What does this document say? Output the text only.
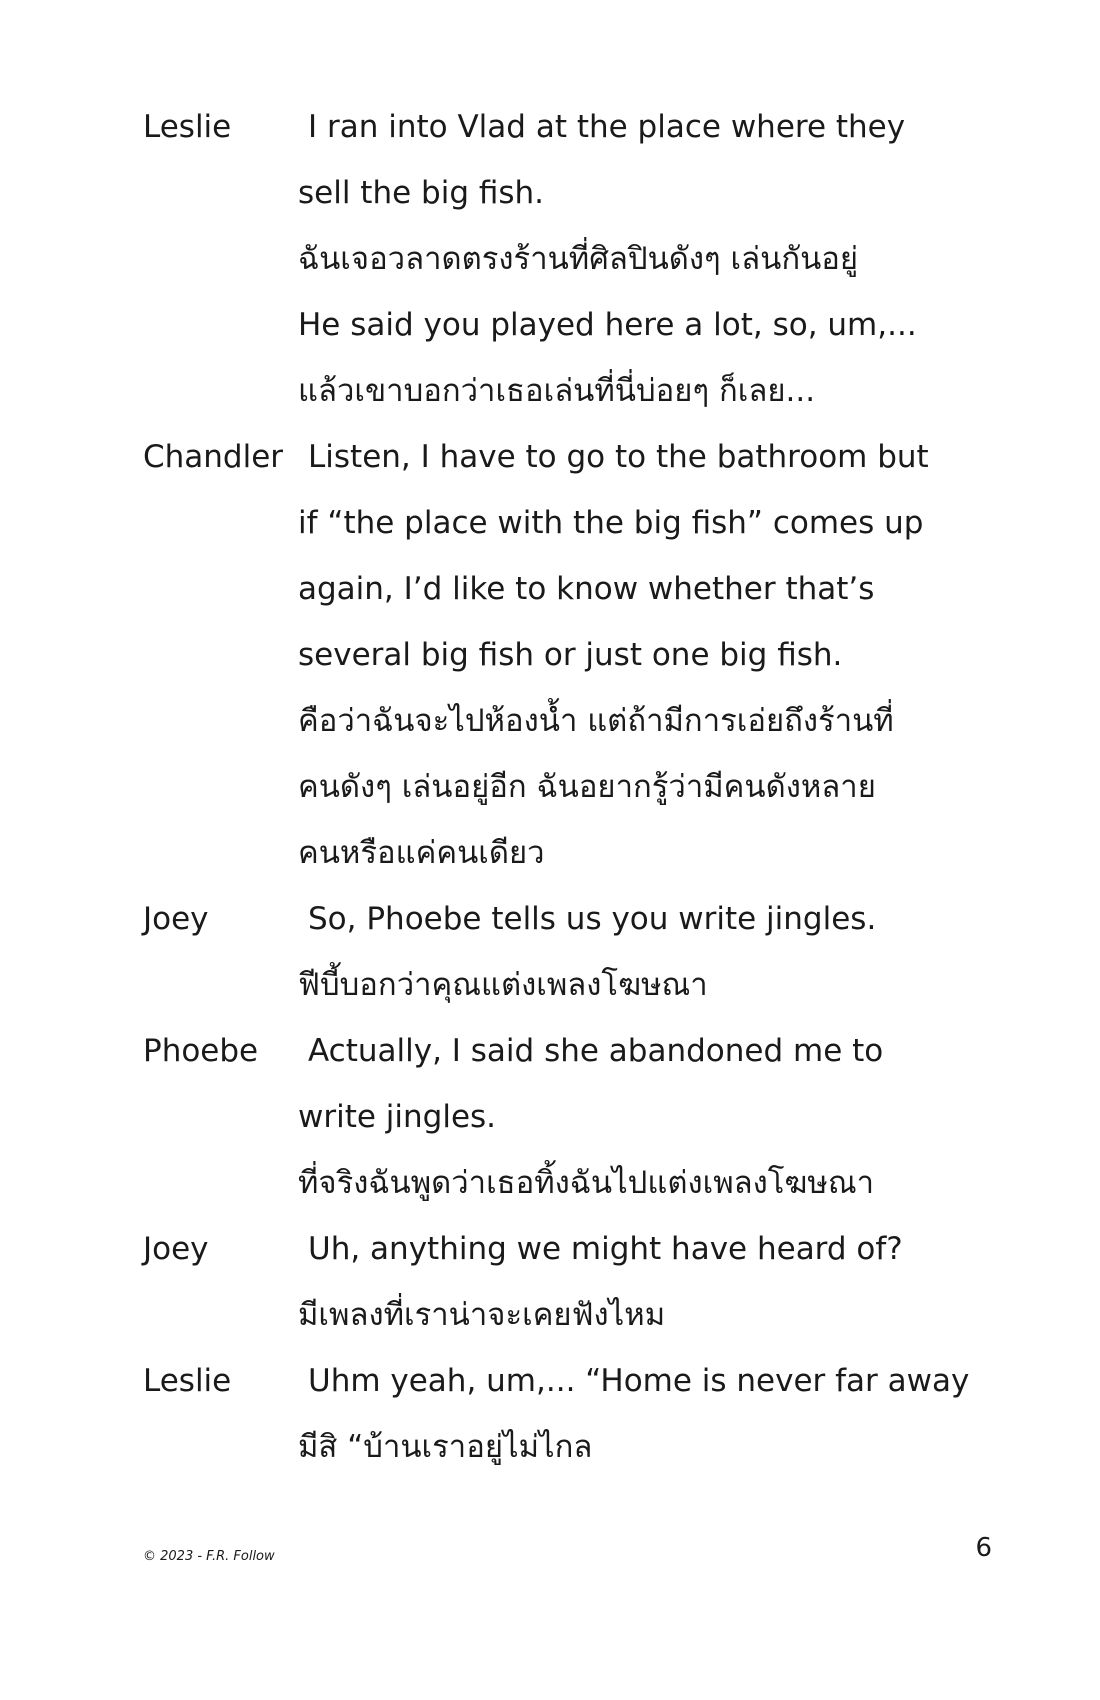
Leslie	I ran into Vlad at the place where they
sell the big fish.
ฉันเจอวลาดตรงร้านที่ศิลปินดังๆ เล่นกันอยู่
He said you played here a lot, so, um,...
แล้วเขาบอกว่าเธอเล่นที่นี่บ่อยๆ ก็เลย...
Chandler Listen, I have to go to the bathroom but
if “the place with the big fish” comes up
again, I’d like to know whether that’s
several big fish or just one big fish.
คือว่าฉันจะไปห้องน้ำ แต่ถ้ามีการเอ่ยถึงร้านที่
คนดังๆ เล่นอยู่อีก ฉันอยากรู้ว่ามีคนดังหลาย
คนหรือแค่คนเดียว
Joey	So, Phoebe tells us you write jingles.
ฟีบี้บอกว่าคุณแต่งเพลงโฆษณา
Phoebe	Actually, I said she abandoned me to
write jingles.
ที่จริงฉันพูดว่าเธอทิ้งฉันไปแต่งเพลงโฆษณา
Joey	Uh, anything we might have heard of?
มีเพลงที่เราน่าจะเคยฟังไหม
Leslie	Uhm yeah, um,... “Home is never far away
มีสิ “บ้านเราอยู่ไม่ไกล
© 2023 - F.R. Follow	6
